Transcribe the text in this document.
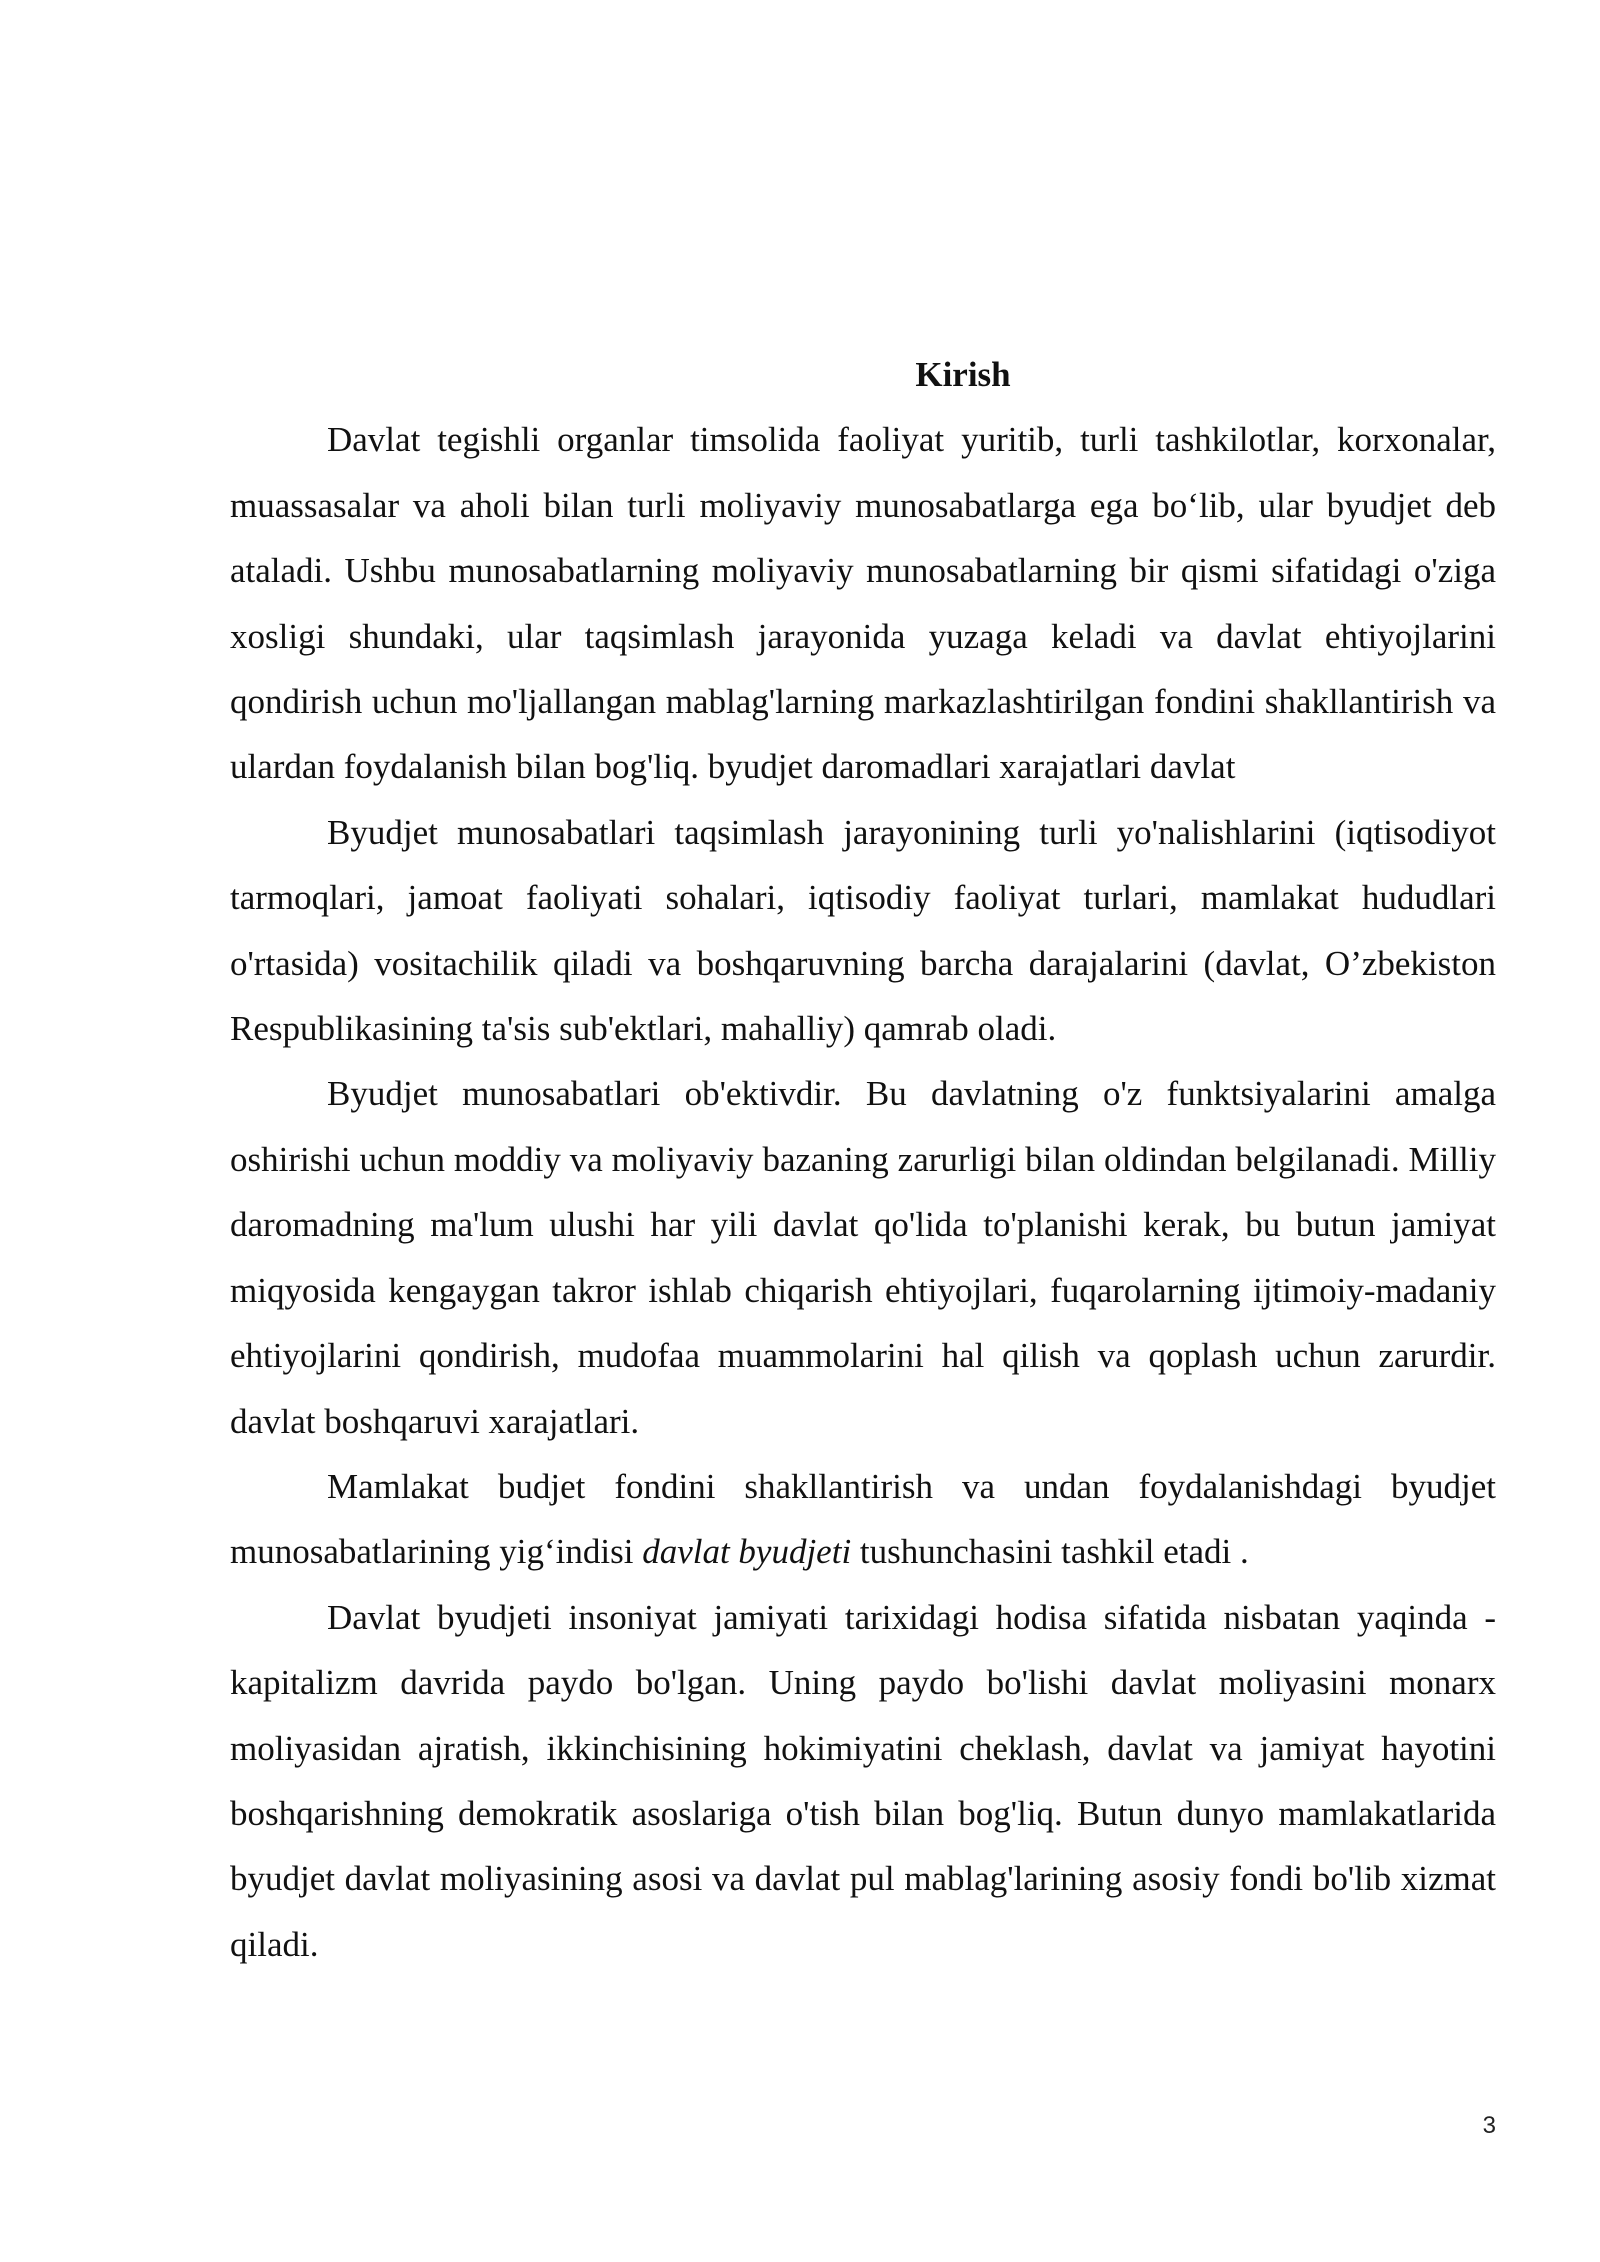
Kirish

Davlat tegishli organlar timsolida faoliyat yuritib, turli tashkilotlar, korxonalar, muassasalar va aholi bilan turli moliyaviy munosabatlarga ega bo‘lib, ular byudjet deb ataladi. Ushbu munosabatlarning moliyaviy munosabatlarning bir qismi sifatidagi o'ziga xosligi shundaki, ular taqsimlash jarayonida yuzaga keladi va davlat ehtiyojlarini qondirish uchun mo'ljallangan mablag'larning markazlashtirilgan fondini shakllantirish va ulardan foydalanish bilan bog'liq. byudjet daromadlari xarajatlari davlat

Byudjet munosabatlari taqsimlash jarayonining turli yo'nalishlarini (iqtisodiyot tarmoqlari, jamoat faoliyati sohalari, iqtisodiy faoliyat turlari, mamlakat hududlari o'rtasida) vositachilik qiladi va boshqaruvning barcha darajalarini (davlat, O’zbekiston Respublikasining ta'sis sub'ektlari, mahalliy) qamrab oladi.

Byudjet munosabatlari ob'ektivdir. Bu davlatning o'z funktsiyalarini amalga oshirishi uchun moddiy va moliyaviy bazaning zarurligi bilan oldindan belgilanadi. Milliy daromadning ma'lum ulushi har yili davlat qo'lida to'planishi kerak, bu butun jamiyat miqyosida kengaygan takror ishlab chiqarish ehtiyojlari, fuqarolarning ijtimoiy-madaniy ehtiyojlarini qondirish, mudofaa muammolarini hal qilish va qoplash uchun zarurdir. davlat boshqaruvi xarajatlari.

Mamlakat budjet fondini shakllantirish va undan foydalanishdagi byudjet munosabatlarining yig‘indisi davlat byudjeti tushunchasini tashkil etadi .

Davlat byudjeti insoniyat jamiyati tarixidagi hodisa sifatida nisbatan yaqinda - kapitalizm davrida paydo bo'lgan. Uning paydo bo'lishi davlat moliyasini monarx moliyasidan ajratish, ikkinchisining hokimiyatini cheklash, davlat va jamiyat hayotini boshqarishning demokratik asoslariga o'tish bilan bog'liq. Butun dunyo mamlakatlarida byudjet davlat moliyasining asosi va davlat pul mablag'larining asosiy fondi bo'lib xizmat qiladi.

3
